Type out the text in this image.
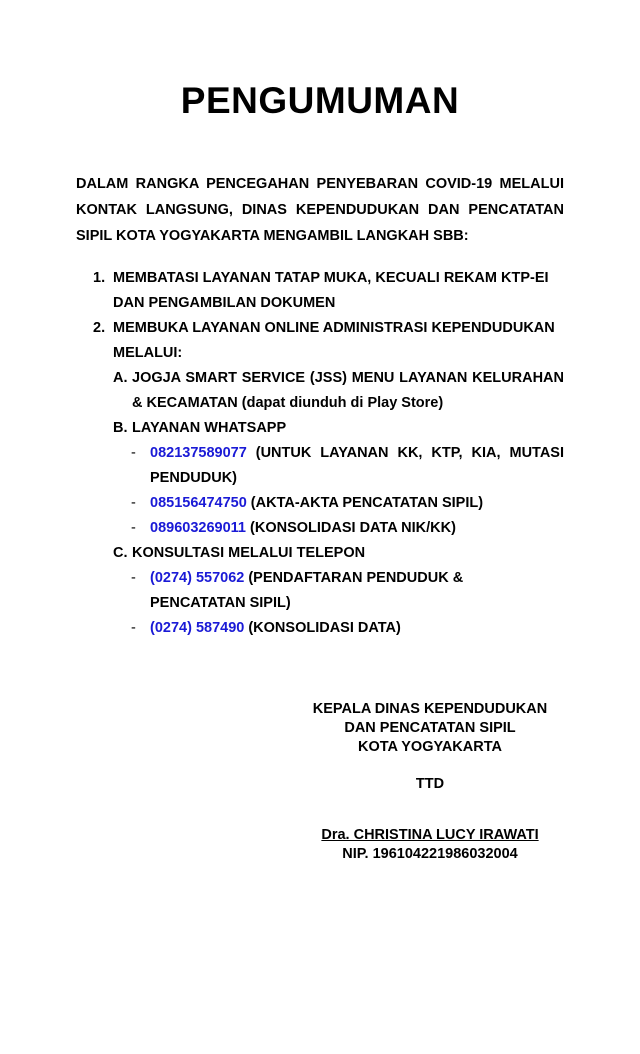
PENGUMUMAN
DALAM RANGKA PENCEGAHAN PENYEBARAN COVID-19 MELALUI KONTAK LANGSUNG, DINAS KEPENDUDUKAN DAN PENCATATAN SIPIL KOTA YOGYAKARTA MENGAMBIL LANGKAH SBB:
1. MEMBATASI LAYANAN TATAP MUKA, KECUALI REKAM KTP-EI DAN PENGAMBILAN DOKUMEN
2. MEMBUKA LAYANAN ONLINE ADMINISTRASI KEPENDUDUKAN MELALUI:
A. JOGJA SMART SERVICE (JSS) MENU LAYANAN KELURAHAN & KECAMATAN (dapat diunduh di Play Store)
B. LAYANAN WHATSAPP
- 082137589077 (UNTUK LAYANAN KK, KTP, KIA, MUTASI PENDUDUK)
- 085156474750 (AKTA-AKTA PENCATATAN SIPIL)
- 089603269011 (KONSOLIDASI DATA NIK/KK)
C. KONSULTASI MELALUI TELEPON
- (0274) 557062 (PENDAFTARAN PENDUDUK & PENCATATAN SIPIL)
- (0274) 587490 (KONSOLIDASI DATA)
KEPALA DINAS KEPENDUDUKAN
DAN PENCATATAN SIPIL
KOTA YOGYAKARTA
TTD
Dra. CHRISTINA LUCY IRAWATI
NIP. 196104221986032004
